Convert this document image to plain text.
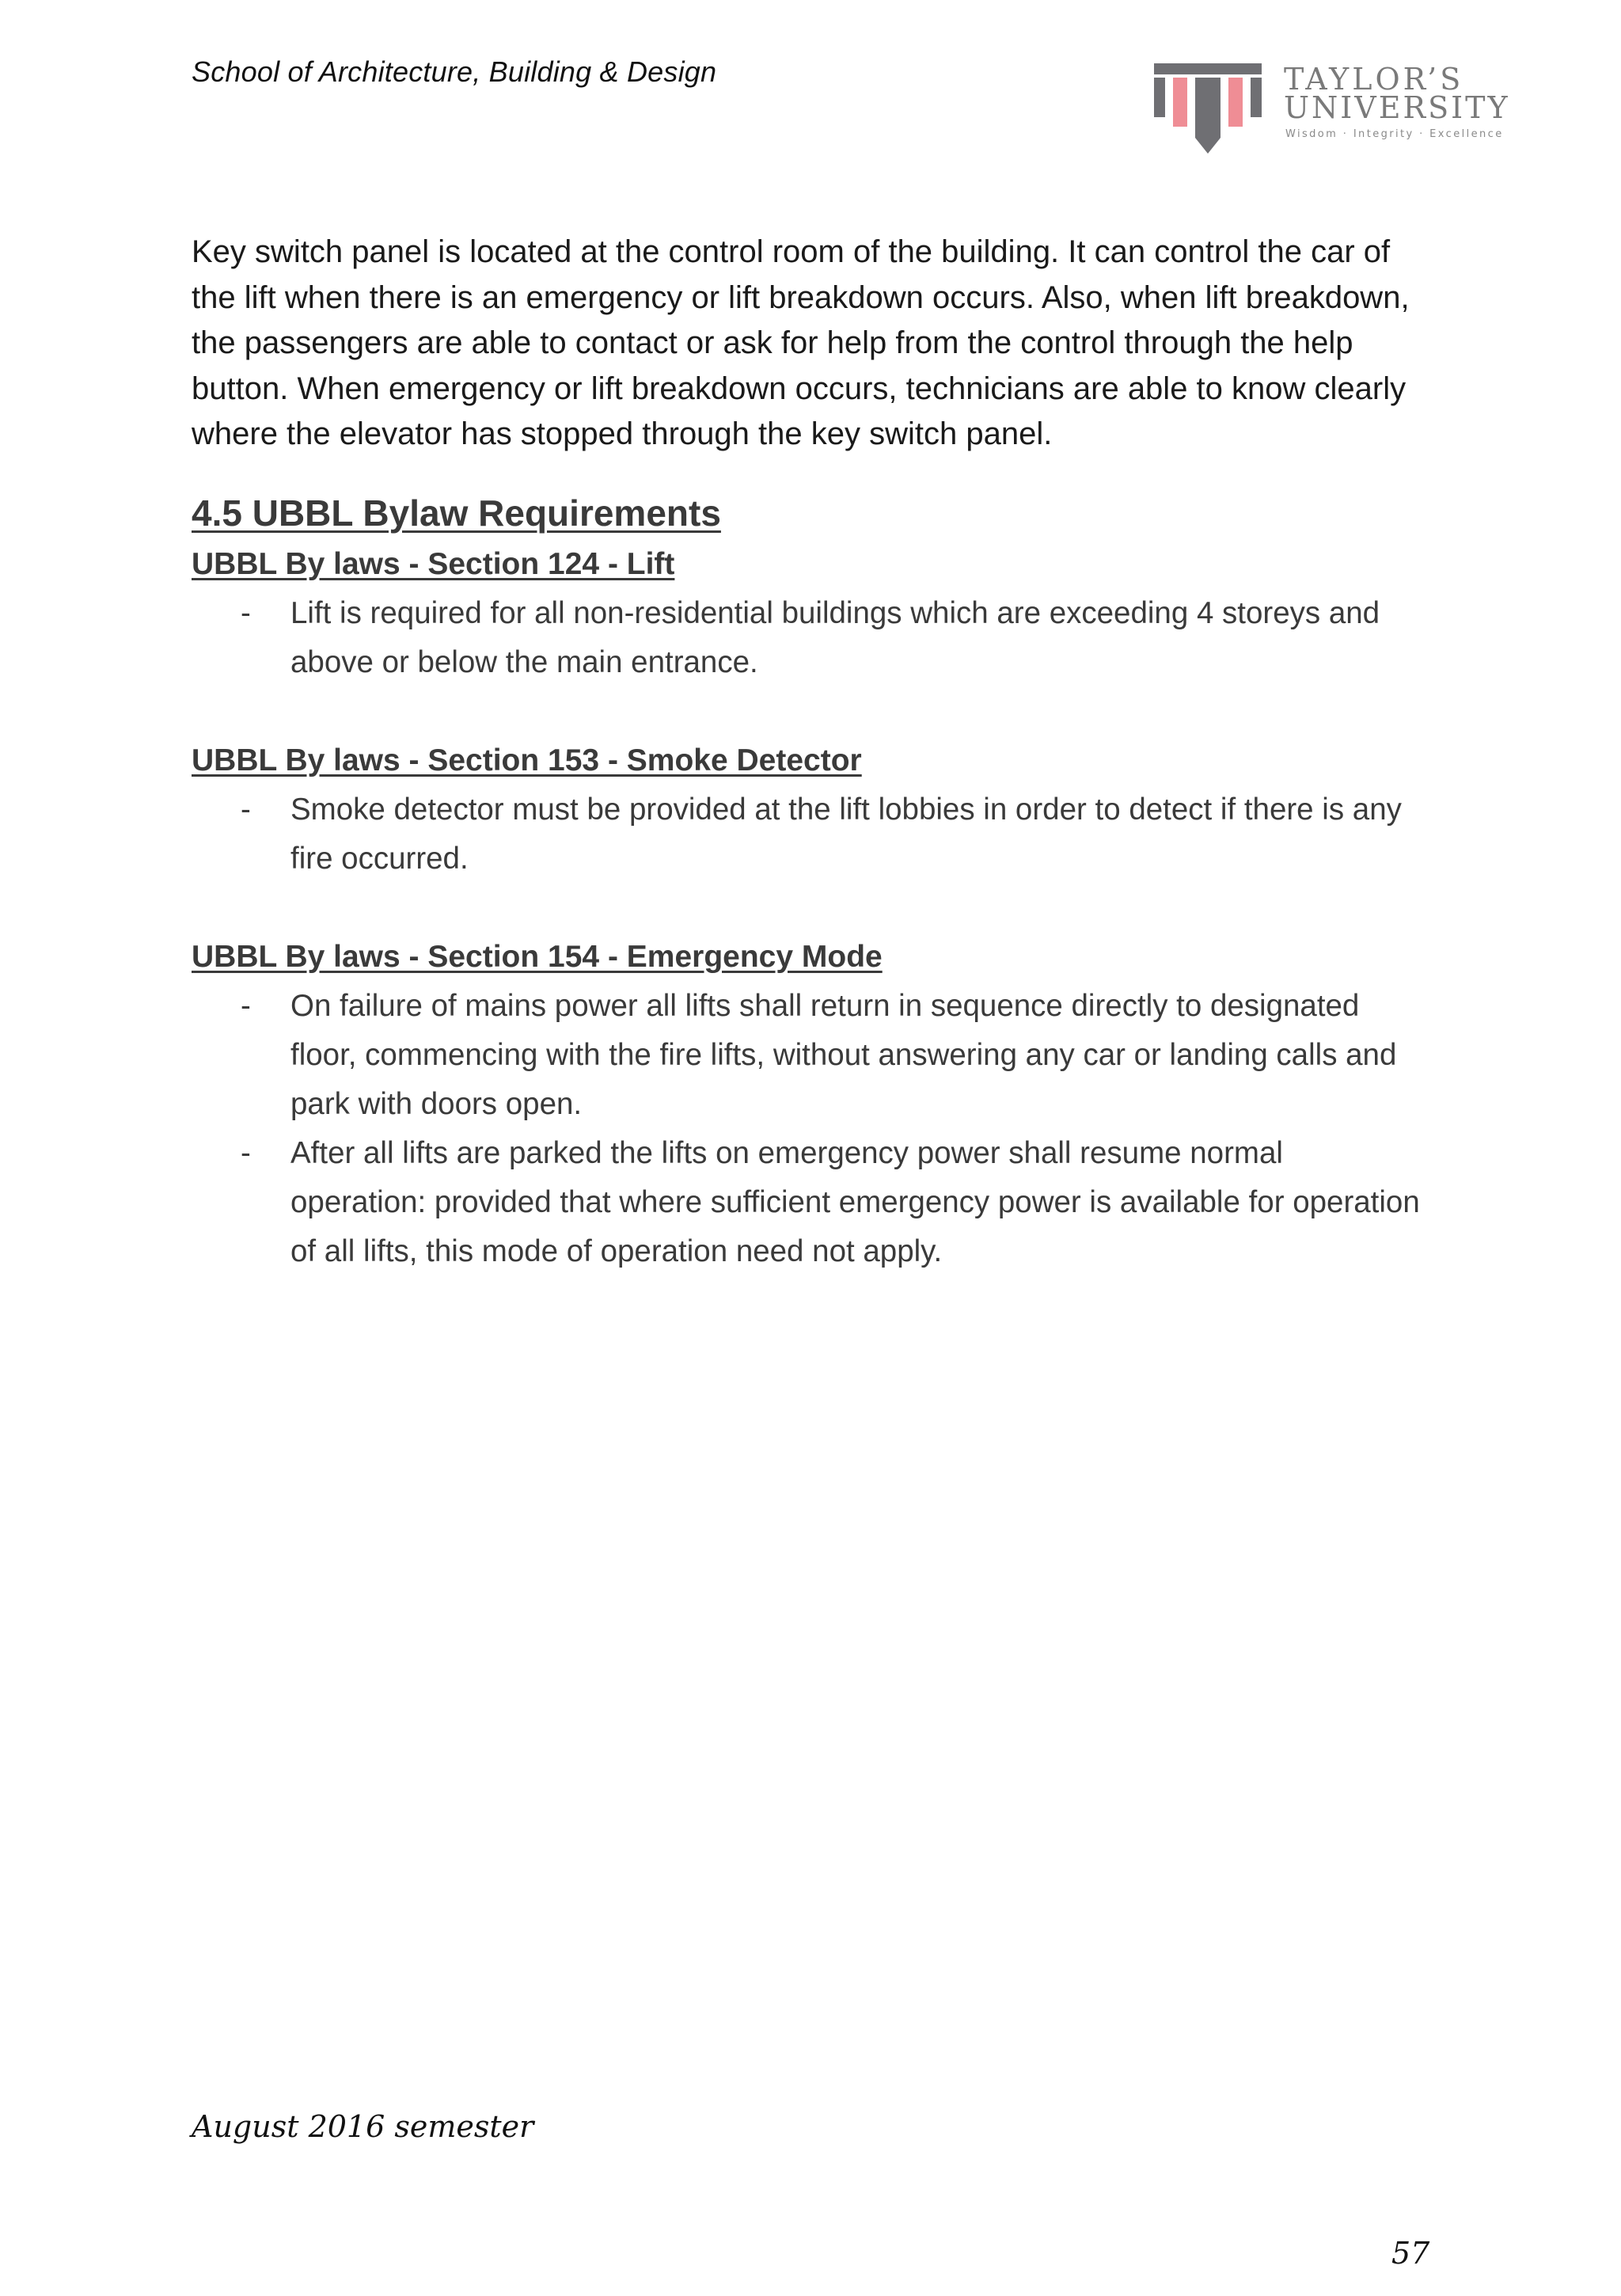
School of Architecture, Building & Design	TAYLOR’S
UNIVERSITY
Wisdom · Integrity · Excellence

Key switch panel is located at the control room of the building. It can control the car of the lift when there is an emergency or lift breakdown occurs. Also, when lift breakdown, the passengers are able to contact or ask for help from the control through the help button. When emergency or lift breakdown occurs, technicians are able to know clearly where the elevator has stopped through the key switch panel.

4.5 UBBL Bylaw Requirements
UBBL By laws - Section 124 - Lift
- Lift is required for all non-residential buildings which are exceeding 4 storeys and above or below the main entrance.
UBBL By laws - Section 153 - Smoke Detector
- Smoke detector must be provided at the lift lobbies in order to detect if there is any fire occurred.
UBBL By laws - Section 154 - Emergency Mode
- On failure of mains power all lifts shall return in sequence directly to designated floor, commencing with the fire lifts, without answering any car or landing calls and park with doors open.
- After all lifts are parked the lifts on emergency power shall resume normal operation: provided that where sufficient emergency power is available for operation of all lifts, this mode of operation need not apply.
August 2016 semester
57
